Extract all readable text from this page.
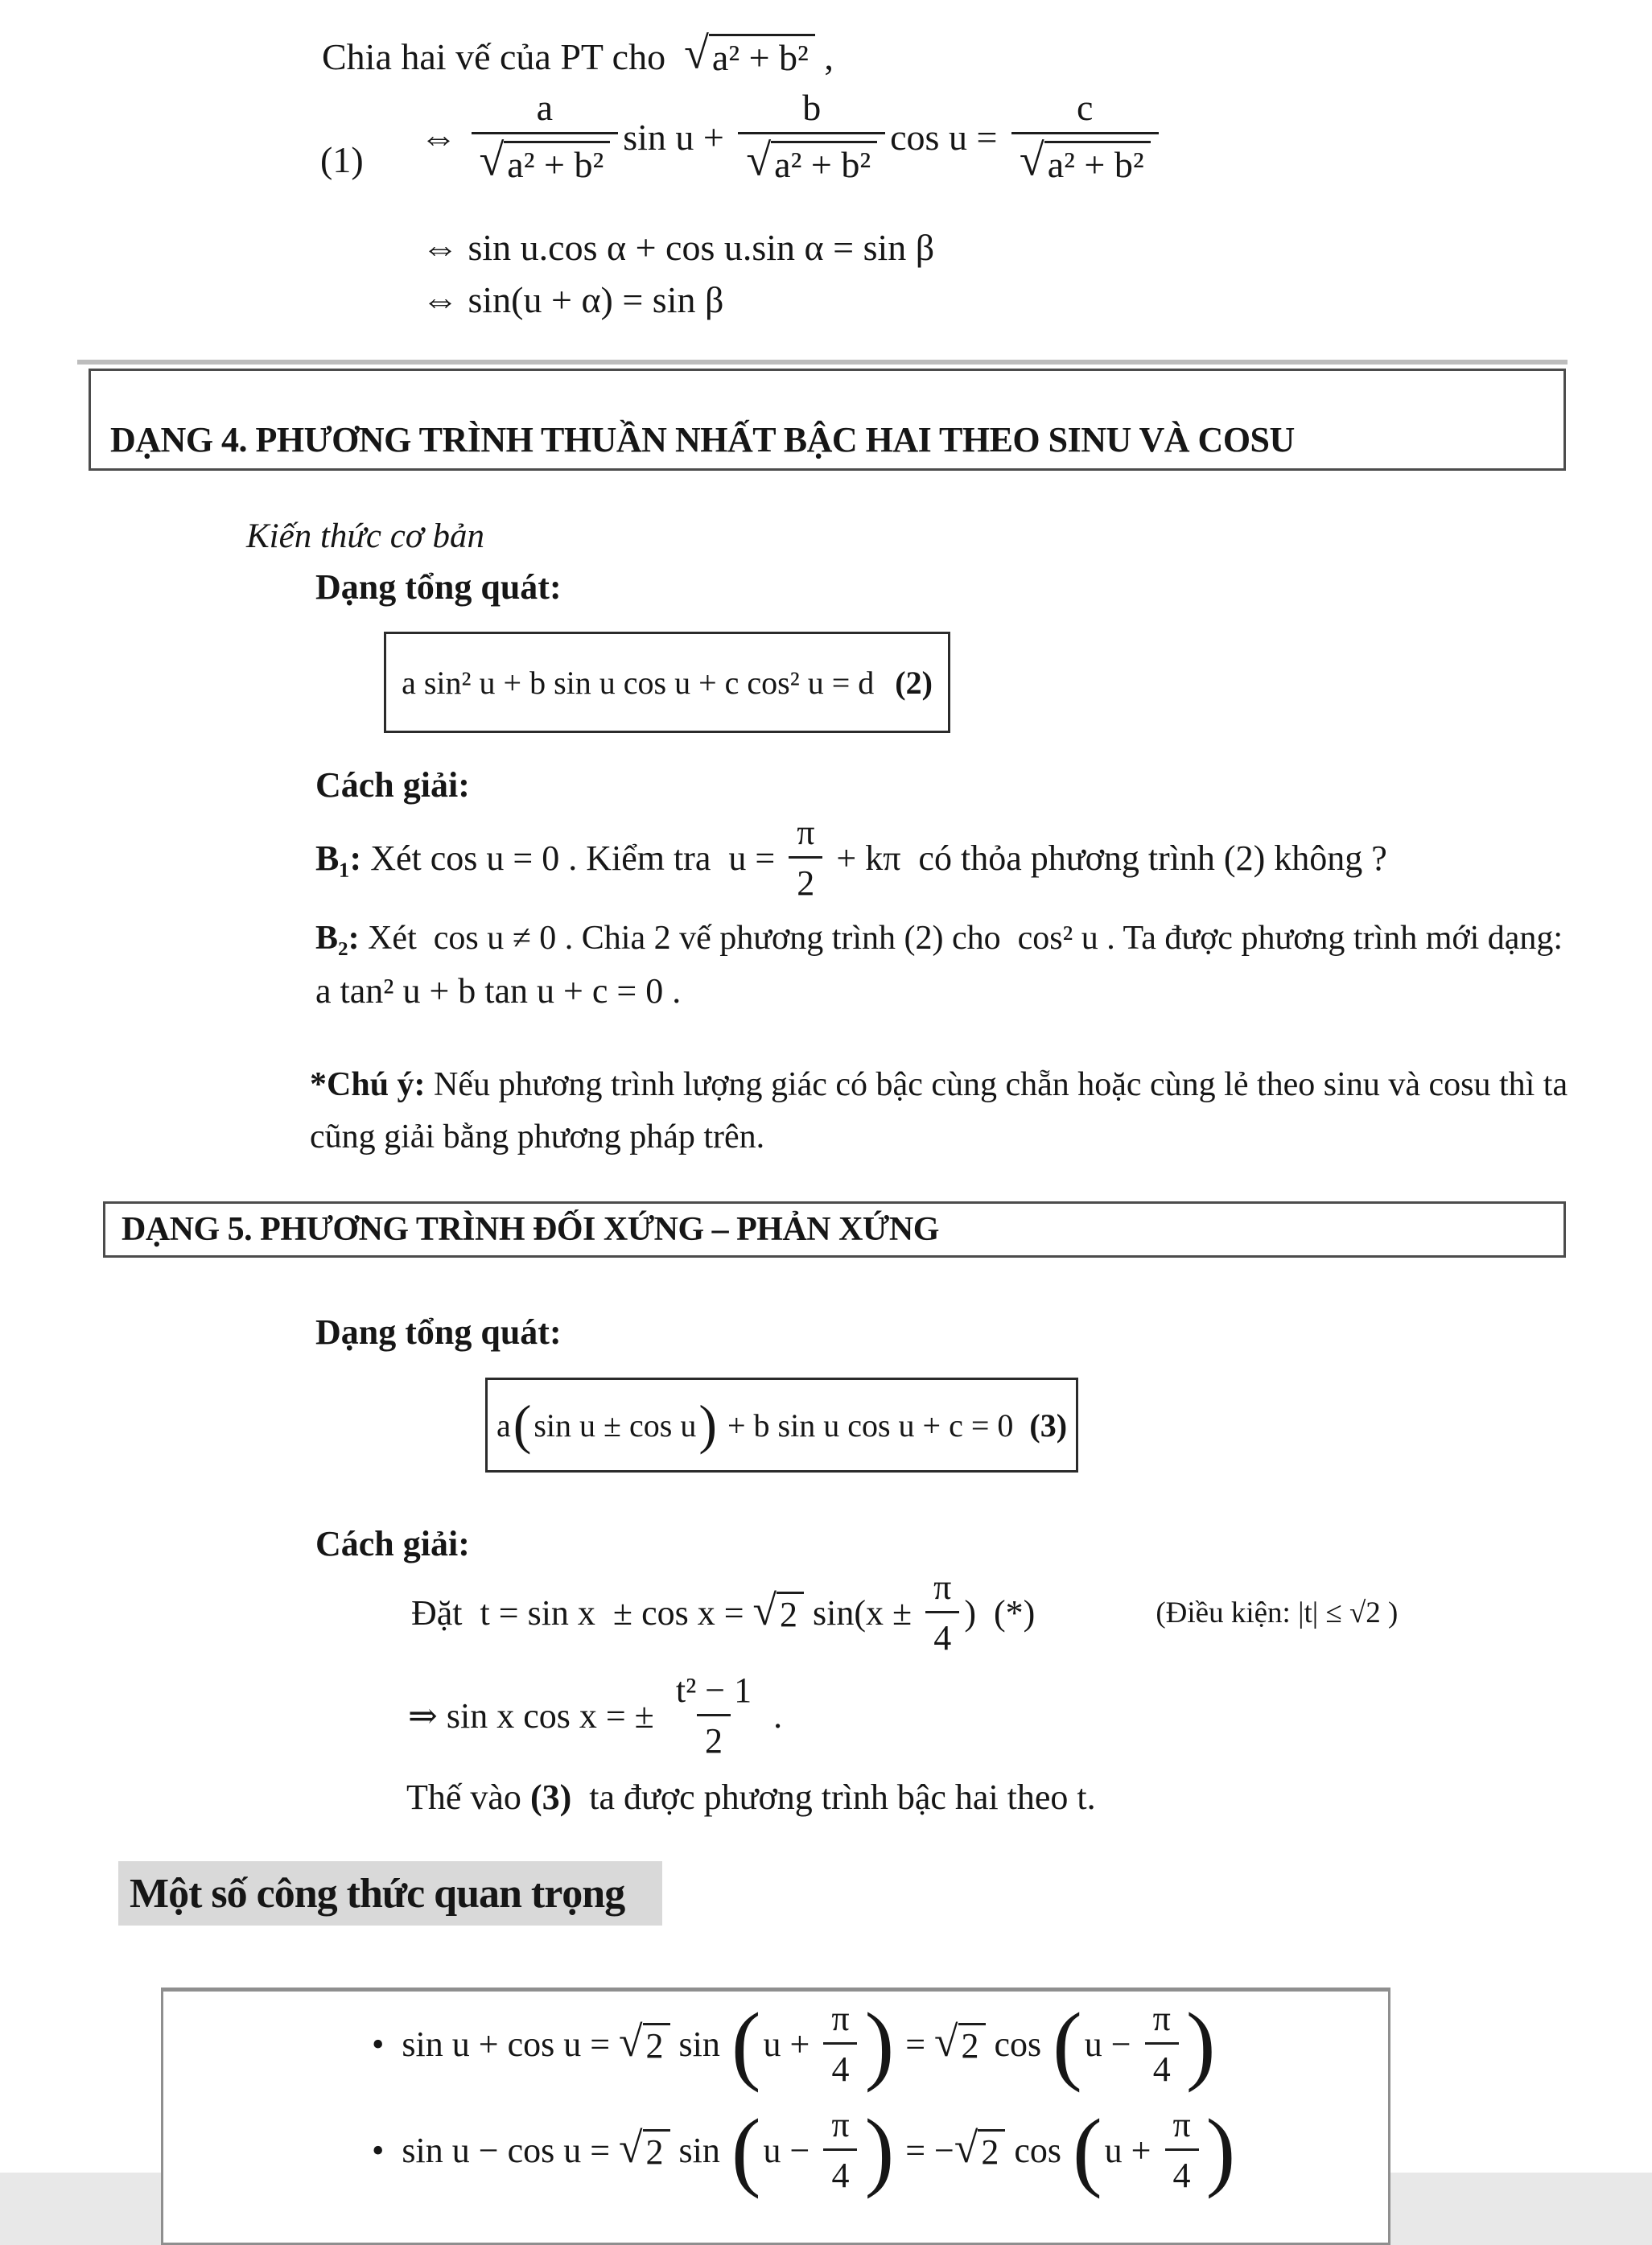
Chia hai vế của PT cho √ a² + b² ,
(1)
⇔ $\frac{a}{\text{√ a² + b²}}$ $\sin u + \frac{b}{\text{√ a² + b²}}$ $\cos u = \frac{c}{\text{√ a² + b²}}$
⇔ sin u.cos α + cos u.sin α = sin β
⇔ sin(u + α) = sin β
DẠNG 4. PHƯƠNG TRÌNH THUẦN NHẤT BẬC HAI THEO SINU VÀ COSU
Kiến thức cơ bản
Dạng tổng quát:
a sin² u + b sin u cos u + c cos² u = d (2)
Cách giải:
B₁: Xét cos u = 0 . Kiểm tra  $u = \frac{\pi}{2} + k\pi$  có thỏa phương trình (2) không ?
B₂: Xét  cos u ≠ 0 . Chia 2 vế phương trình (2) cho  cos² u . Ta được phương trình mới dạng:
a tan² u + b tan u + c = 0 .
*Chú ý: Nếu phương trình lượng giác có bậc cùng chẵn hoặc cùng lẻ theo sinu và cosu thì ta
cũng giải bằng phương pháp trên.
DẠNG 5. PHƯƠNG TRÌNH ĐỐI XỨNG – PHẢN XỨNG
Dạng tổng quát:
a ( sin u ± cos u ) + b sin u cos u + c = 0 (3)
Cách giải:
Đặt  t = sin x  ± cos x = √ 2 $\sin(x \pm \frac{\pi}{4}$ )  (*)	(Điều kiện: |t| ≤ √2 )
⇒ sin x cos x = ± $\frac{\text{t² − 1}}{2}$ .
Thế vào (3) ta được phương trình bậc hai theo t.
Một số công thức quan trọng
•  sin u + cos u = √ 2 sin ( $u + \frac{\pi}{4}$ ) = √ 2 cos ( $u - \frac{\pi}{4}$ )
•  sin u − cos u = √ 2 sin ( $u - \frac{\pi}{4}$ ) = − √ 2 cos ( $u + \frac{\pi}{4}$ )
